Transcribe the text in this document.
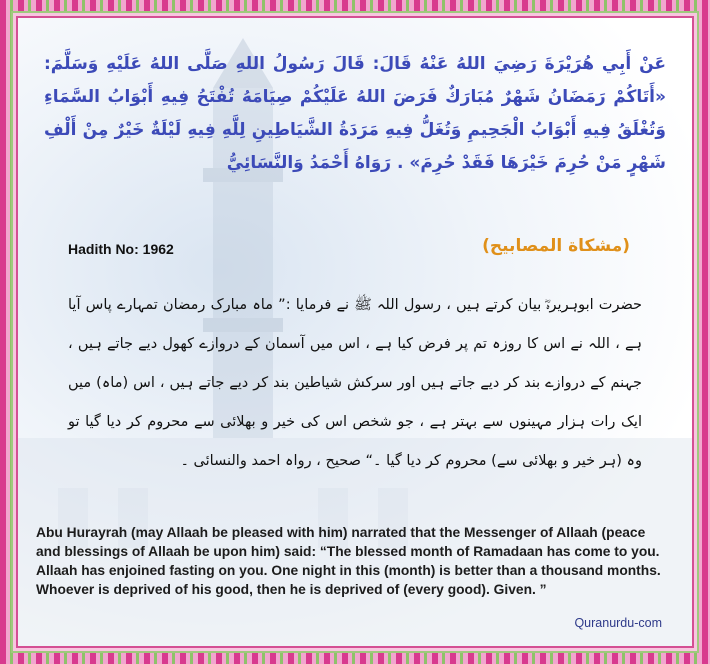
عَنْ أَبِي هُرَيْرَةَ رَضِيَ اللهُ عَنْهُ قَالَ: قَالَ رَسُولُ اللهِ صَلَّى اللهُ عَلَيْهِ وَسَلَّمَ: «أَتَاكُمْ رَمَضَانُ شَهْرٌ مُبَارَكٌ فَرَضَ اللهُ عَلَيْكُمْ صِيَامَهُ تُفْتَحُ فِيهِ أَبْوَابُ السَّمَاءِ وَتُغْلَقُ فِيهِ أَبْوَابُ الْجَحِيمِ وَتُغَلُّ فِيهِ مَرَدَةُ الشَّيَاطِينِ لِلَّهِ فِيهِ لَيْلَةٌ خَيْرٌ مِنْ أَلْفِ شَهْرٍ مَنْ حُرِمَ خَيْرَهَا فَقَدْ حُرِمَ» . رَوَاهُ أَحْمَدُ وَالنَّسَائِيُّ
Hadith No: 1962	(مشكاة المصابيح)
حضرت ابوہریرہؓ بیان کرتے ہیں ، رسول اللہ ﷺ نے فرمایا :” ماہ مبارک رمضان تمہارے پاس آیا ہے ، اللہ نے اس کا روزہ تم پر فرض کیا ہے ، اس میں آسمان کے دروازے کھول دیے جاتے ہیں ، جہنم کے دروازے بند کر دیے جاتے ہیں اور سرکش شیاطین بند کر دیے جاتے ہیں ، اس (ماہ) میں ایک رات ہزار مہینوں سے بہتر ہے ، جو شخص اس کی خیر و بھلائی سے محروم کر دیا گیا تو وہ (ہر خیر و بھلائی سے) محروم کر دیا گیا ۔“ صحیح ، رواہ احمد والنسائی ۔
Abu Hurayrah (may Allaah be pleased with him) narrated that the Messenger of Allaah (peace and blessings of Allaah be upon him) said: “The blessed month of Ramadaan has come to you. Allaah has enjoined fasting on you. One night in this (month) is better than a thousand months. Whoever is deprived of his good, then he is deprived of (every good). Given. ”
Quranurdu-com
